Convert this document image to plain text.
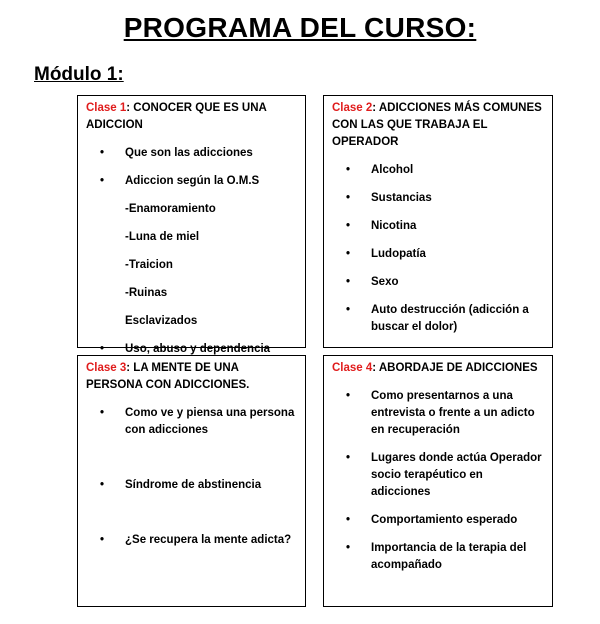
PROGRAMA DEL CURSO:
Módulo 1:
Clase 1: CONOCER QUE ES UNA ADICCION
• Que son las adicciones
• Adiccion según la O.M.S
-Enamoramiento
-Luna de miel
-Traicion
-Ruinas
Esclavizados
• Uso, abuso y dependencia
Clase 2: ADICCIONES MÁS COMUNES CON LAS QUE TRABAJA EL OPERADOR
• Alcohol
• Sustancias
• Nicotina
• Ludopatía
• Sexo
• Auto destrucción (adicción a buscar el dolor)
Clase 3: LA MENTE DE UNA PERSONA CON ADICCIONES.
• Como ve y piensa una persona con adicciones
• Síndrome de abstinencia
• ¿Se recupera la mente adicta?
Clase 4: ABORDAJE DE ADICCIONES
• Como presentarnos a una entrevista o frente a un adicto en recuperación
• Lugares donde actúa Operador socio terapéutico en adicciones
• Comportamiento esperado
• Importancia de la terapia del acompañado
